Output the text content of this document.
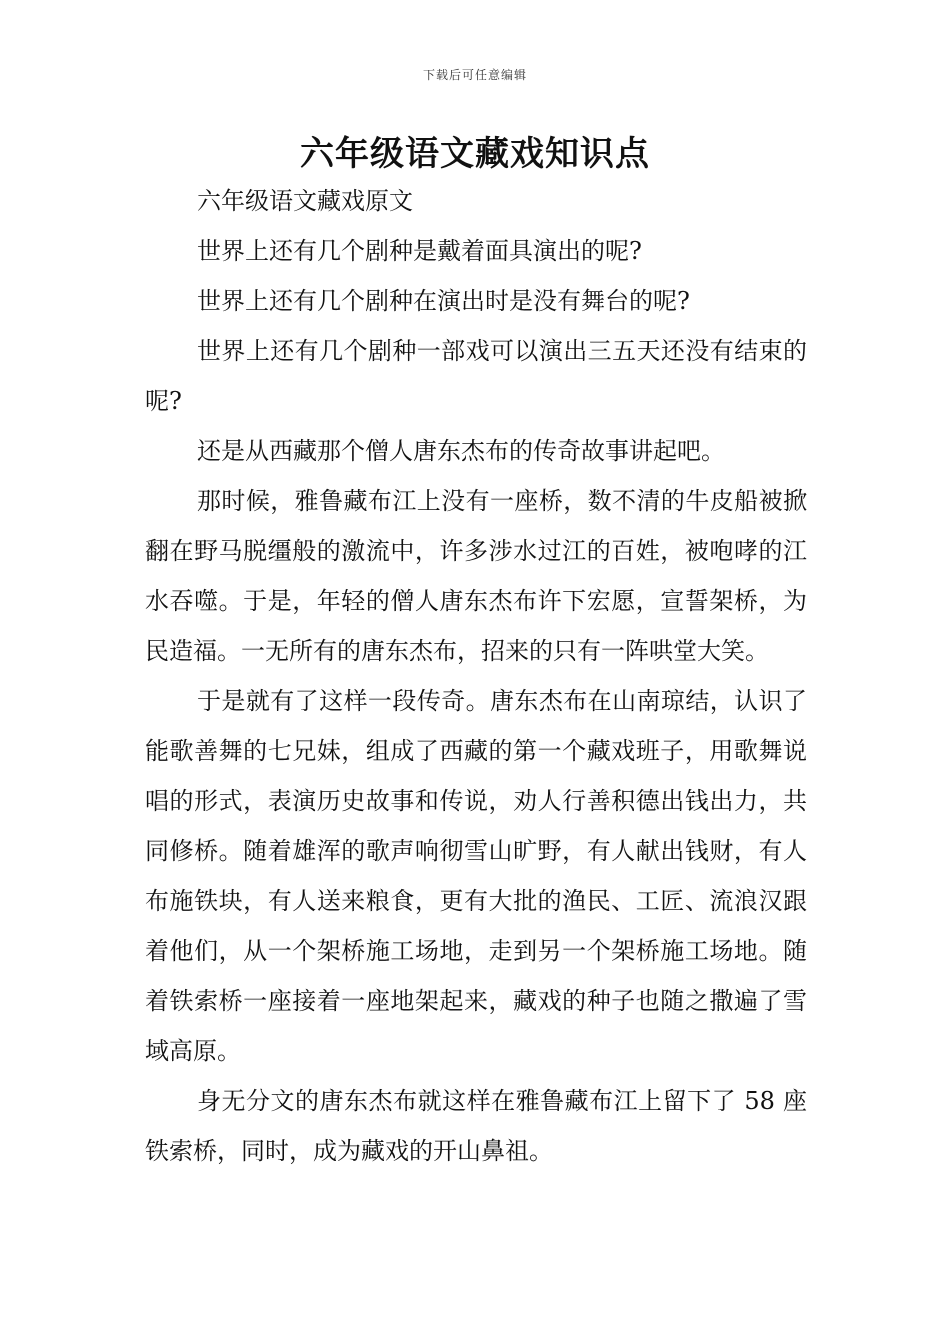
下载后可任意编辑
六年级语文藏戏知识点

六年级语文藏戏原文

世界上还有几个剧种是戴着面具演出的呢?

世界上还有几个剧种在演出时是没有舞台的呢?

世界上还有几个剧种一部戏可以演出三五天还没有结束的呢?

还是从西藏那个僧人唐东杰布的传奇故事讲起吧。

那时候，雅鲁藏布江上没有一座桥，数不清的牛皮船被掀翻在野马脱缰般的激流中，许多涉水过江的百姓，被咆哮的江水吞噬。于是，年轻的僧人唐东杰布许下宏愿，宣誓架桥，为民造福。一无所有的唐东杰布，招来的只有一阵哄堂大笑。

于是就有了这样一段传奇。唐东杰布在山南琼结，认识了能歌善舞的七兄妹，组成了西藏的第一个藏戏班子，用歌舞说唱的形式，表演历史故事和传说，劝人行善积德出钱出力，共同修桥。随着雄浑的歌声响彻雪山旷野，有人献出钱财，有人布施铁块，有人送来粮食，更有大批的渔民、工匠、流浪汉跟着他们，从一个架桥施工场地，走到另一个架桥施工场地。随着铁索桥一座接着一座地架起来，藏戏的种子也随之撒遍了雪域高原。

身无分文的唐东杰布就这样在雅鲁藏布江上留下了 58 座铁索桥，同时，成为藏戏的开山鼻祖。
